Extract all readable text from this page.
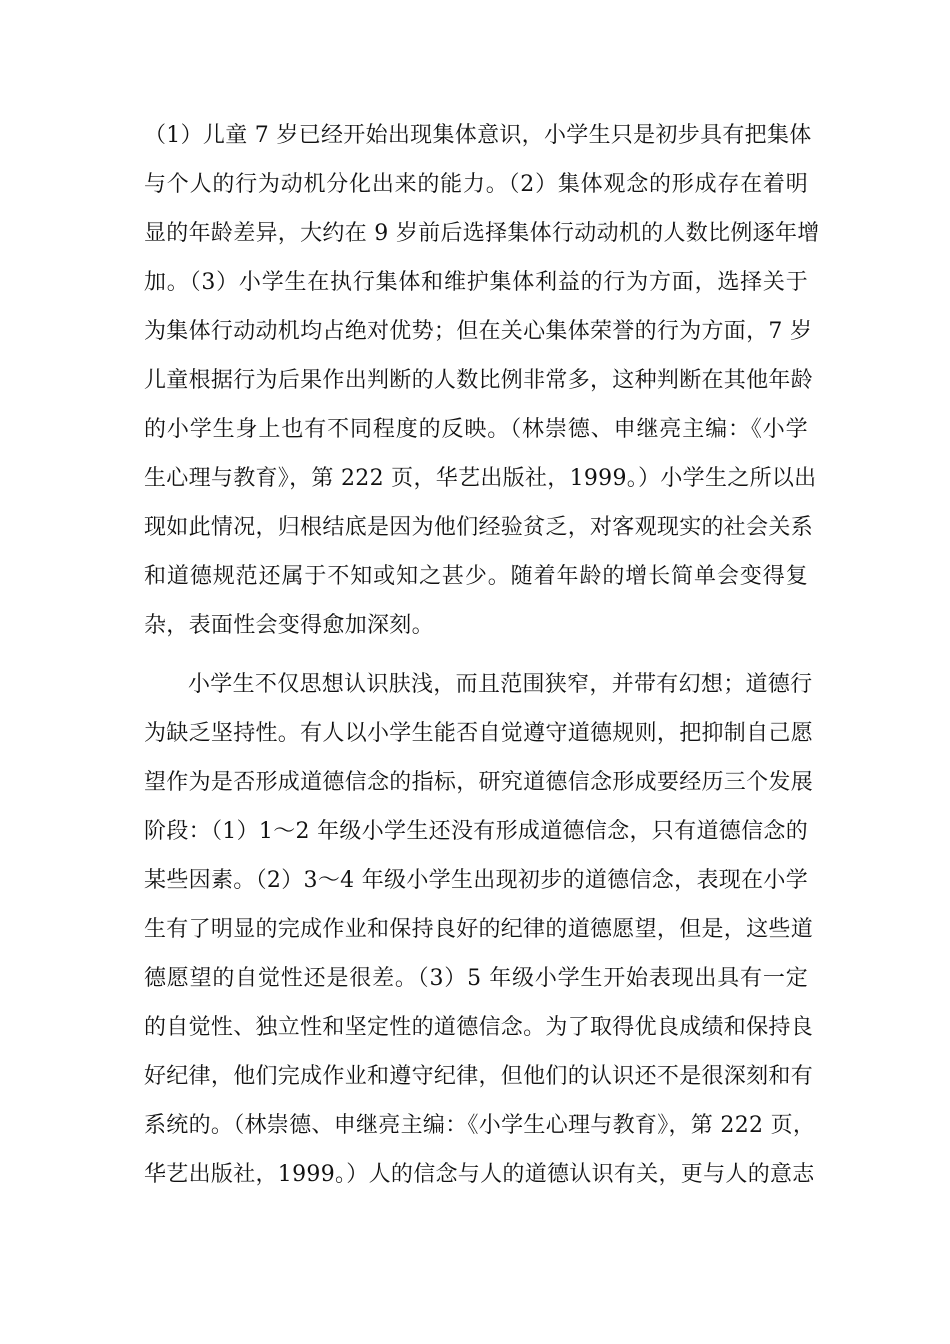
（1）儿童 7 岁已经开始出现集体意识，小学生只是初步具有把集体
与个人的行为动机分化出来的能力。（2）集体观念的形成存在着明
显的年龄差异，大约在 9 岁前后选择集体行动动机的人数比例逐年增
加。（3）小学生在执行集体和维护集体利益的行为方面，选择关于
为集体行动动机均占绝对优势；但在关心集体荣誉的行为方面，7 岁
儿童根据行为后果作出判断的人数比例非常多，这种判断在其他年龄
的小学生身上也有不同程度的反映。（林崇德、申继亮主编：《小学
生心理与教育》，第 222 页，华艺出版社，1999。）小学生之所以出
现如此情况，归根结底是因为他们经验贫乏，对客观现实的社会关系
和道德规范还属于不知或知之甚少。随着年龄的增长简单会变得复
杂，表面性会变得愈加深刻。
小学生不仅思想认识肤浅，而且范围狭窄，并带有幻想；道德行
为缺乏坚持性。有人以小学生能否自觉遵守道德规则，把抑制自己愿
望作为是否形成道德信念的指标，研究道德信念形成要经历三个发展
阶段：（1）1～2 年级小学生还没有形成道德信念，只有道德信念的
某些因素。（2）3～4 年级小学生出现初步的道德信念，表现在小学
生有了明显的完成作业和保持良好的纪律的道德愿望，但是，这些道
德愿望的自觉性还是很差。（3）5 年级小学生开始表现出具有一定
的自觉性、独立性和坚定性的道德信念。为了取得优良成绩和保持良
好纪律，他们完成作业和遵守纪律，但他们的认识还不是很深刻和有
系统的。（林崇德、申继亮主编：《小学生心理与教育》，第 222 页，
华艺出版社，1999。）人的信念与人的道德认识有关，更与人的意志
